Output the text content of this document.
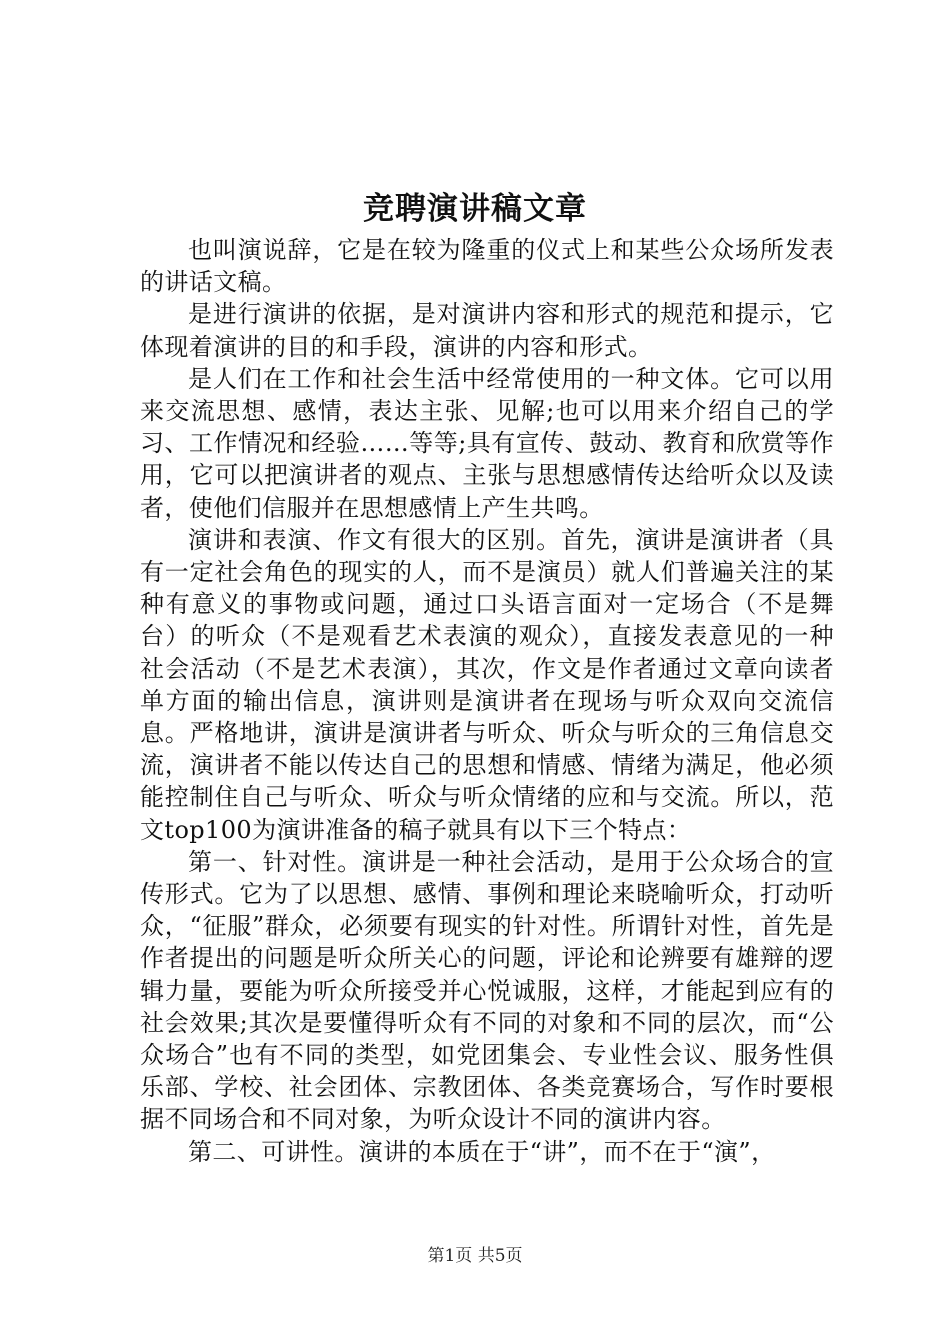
竞聘演讲稿文章

也叫演说辞，它是在较为隆重的仪式上和某些公众场所发表的讲话文稿。

是进行演讲的依据，是对演讲内容和形式的规范和提示，它体现着演讲的目的和手段，演讲的内容和形式。

是人们在工作和社会生活中经常使用的一种文体。它可以用来交流思想、感情，表达主张、见解;也可以用来介绍自己的学习、工作情况和经验……等等;具有宣传、鼓动、教育和欣赏等作用，它可以把演讲者的观点、主张与思想感情传达给听众以及读者，使他们信服并在思想感情上产生共鸣。

演讲和表演、作文有很大的区别。首先，演讲是演讲者（具有一定社会角色的现实的人，而不是演员）就人们普遍关注的某种有意义的事物或问题，通过口头语言面对一定场合（不是舞台）的听众（不是观看艺术表演的观众），直接发表意见的一种社会活动（不是艺术表演），其次，作文是作者通过文章向读者单方面的输出信息，演讲则是演讲者在现场与听众双向交流信息。严格地讲，演讲是演讲者与听众、听众与听众的三角信息交流，演讲者不能以传达自己的思想和情感、情绪为满足，他必须能控制住自己与听众、听众与听众情绪的应和与交流。所以，范文top100为演讲准备的稿子就具有以下三个特点：

第一、针对性。演讲是一种社会活动，是用于公众场合的宣传形式。它为了以思想、感情、事例和理论来晓喻听众，打动听众，“征服”群众，必须要有现实的针对性。所谓针对性，首先是作者提出的问题是听众所关心的问题，评论和论辨要有雄辩的逻辑力量，要能为听众所接受并心悦诚服，这样，才能起到应有的社会效果;其次是要懂得听众有不同的对象和不同的层次，而“公众场合”也有不同的类型，如党团集会、专业性会议、服务性俱乐部、学校、社会团体、宗教团体、各类竞赛场合，写作时要根据不同场合和不同对象，为听众设计不同的演讲内容。

第二、可讲性。演讲的本质在于“讲”，而不在于“演”，

第1页 共5页
